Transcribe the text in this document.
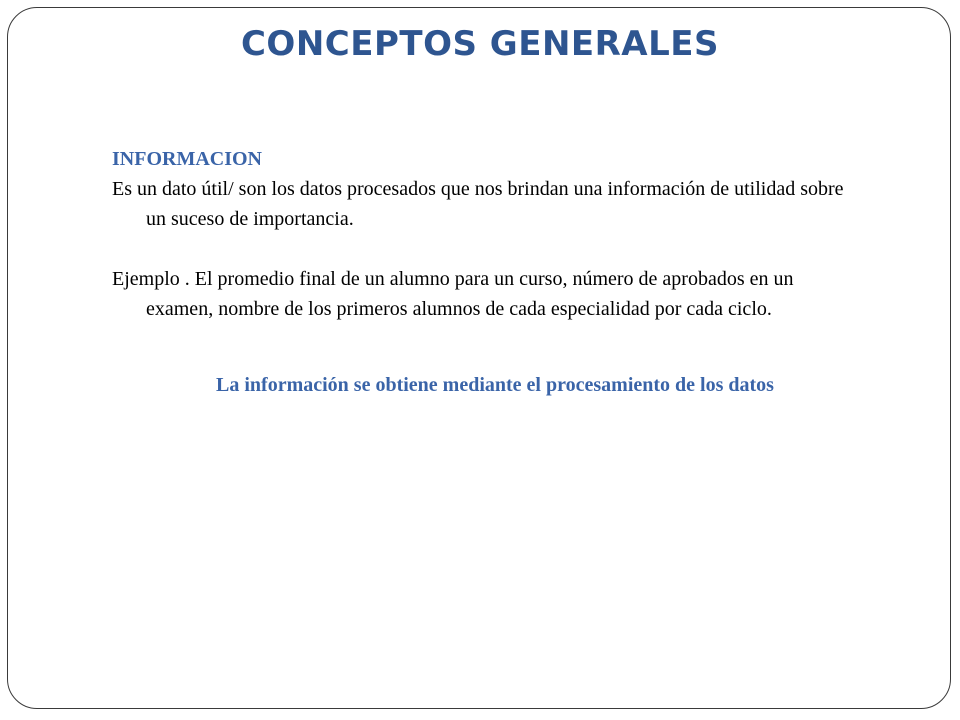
CONCEPTOS GENERALES

INFORMACION

Es un dato útil/ son los datos procesados que nos brindan una información de utilidad sobre un suceso de importancia.

Ejemplo . El promedio final de un alumno para un curso, número de aprobados en un examen, nombre de los primeros alumnos de cada especialidad por cada ciclo.

La información se obtiene mediante el procesamiento de los datos
